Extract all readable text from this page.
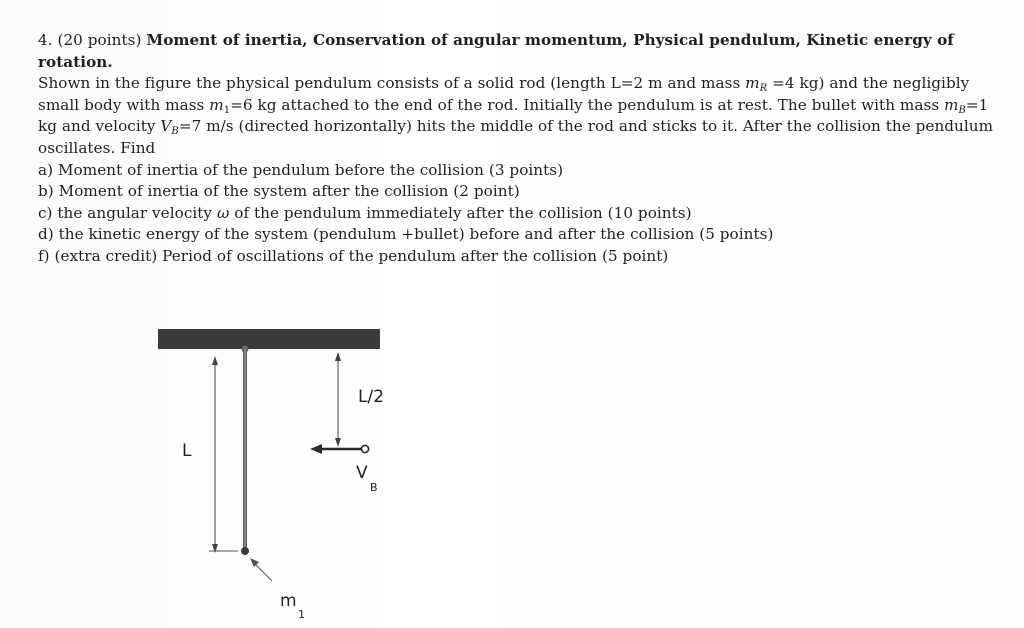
4. (20 points) Moment of inertia, Conservation of angular momentum, Physical pendulum, Kinetic energy of rotation.

Shown in the figure the physical pendulum consists of a solid rod (length L=2 m and mass $m_R =4$ kg) and the negligibly small body with mass $m_1=6$ kg attached to the end of the rod. Initially the pendulum is at rest. The bullet with mass $m_B=1$ kg and velocity $V_B=7$ m/s (directed horizontally) hits the middle of the rod and sticks to it. After the collision the pendulum oscillates. Find

a) Moment of inertia of the pendulum before the collision (3 points)
b) Moment of inertia of the system after the collision (2 point)
c) the angular velocity ω of the pendulum immediately after the collision (10 points)
d) the kinetic energy of the system (pendulum +bullet) before and after the collision (5 points)
f) (extra credit) Period of oscillations of the pendulum after the collision (5 point)
L
L/2
V
B
m
1
